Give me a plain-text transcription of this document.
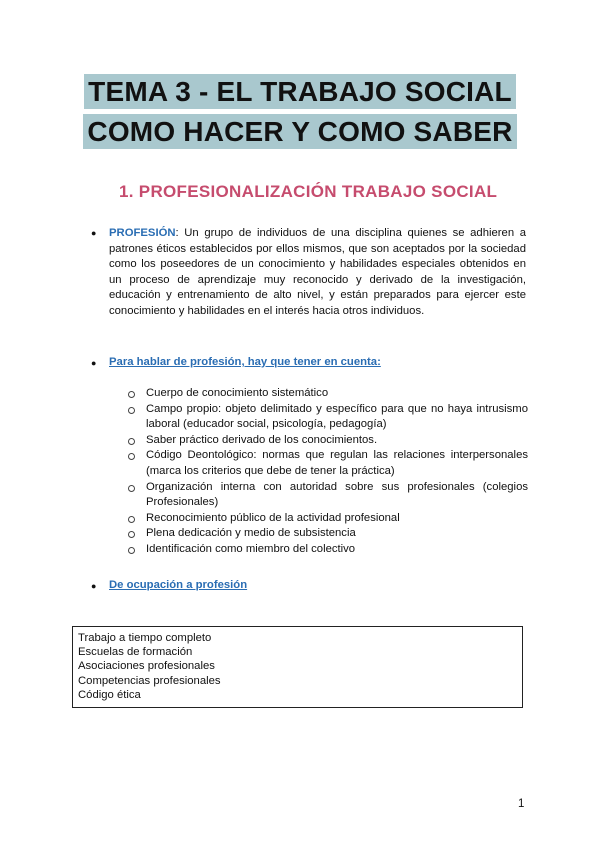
TEMA 3 - EL TRABAJO SOCIAL
COMO HACER Y COMO SABER
1. PROFESIONALIZACIÓN TRABAJO SOCIAL
● PROFESIÓN: Un grupo de individuos de una disciplina quienes se adhieren a patrones éticos establecidos por ellos mismos, que son aceptados por la sociedad como los poseedores de un conocimiento y habilidades especiales obtenidos en un proceso de aprendizaje muy reconocido y derivado de la investigación, educación y entrenamiento de alto nivel, y están preparados para ejercer este conocimiento y habilidades en el interés hacia otros individuos.

● Para hablar de profesión, hay que tener en cuenta:

Cuerpo de conocimiento sistemático
Campo propio: objeto delimitado y específico para que no haya intrusismo laboral (educador social, psicología, pedagogía)
Saber práctico derivado de los conocimientos.
Código Deontológico: normas que regulan las relaciones interpersonales (marca los criterios que debe de tener la práctica)
Organización interna con autoridad sobre sus profesionales (colegios Profesionales)
Reconocimiento público de la actividad profesional
Plena dedicación y medio de subsistencia
Identificación como miembro del colectivo
● De ocupación a profesión

Trabajo a tiempo completo
Escuelas de formación
Asociaciones profesionales
Competencias profesionales
Código ética
1
